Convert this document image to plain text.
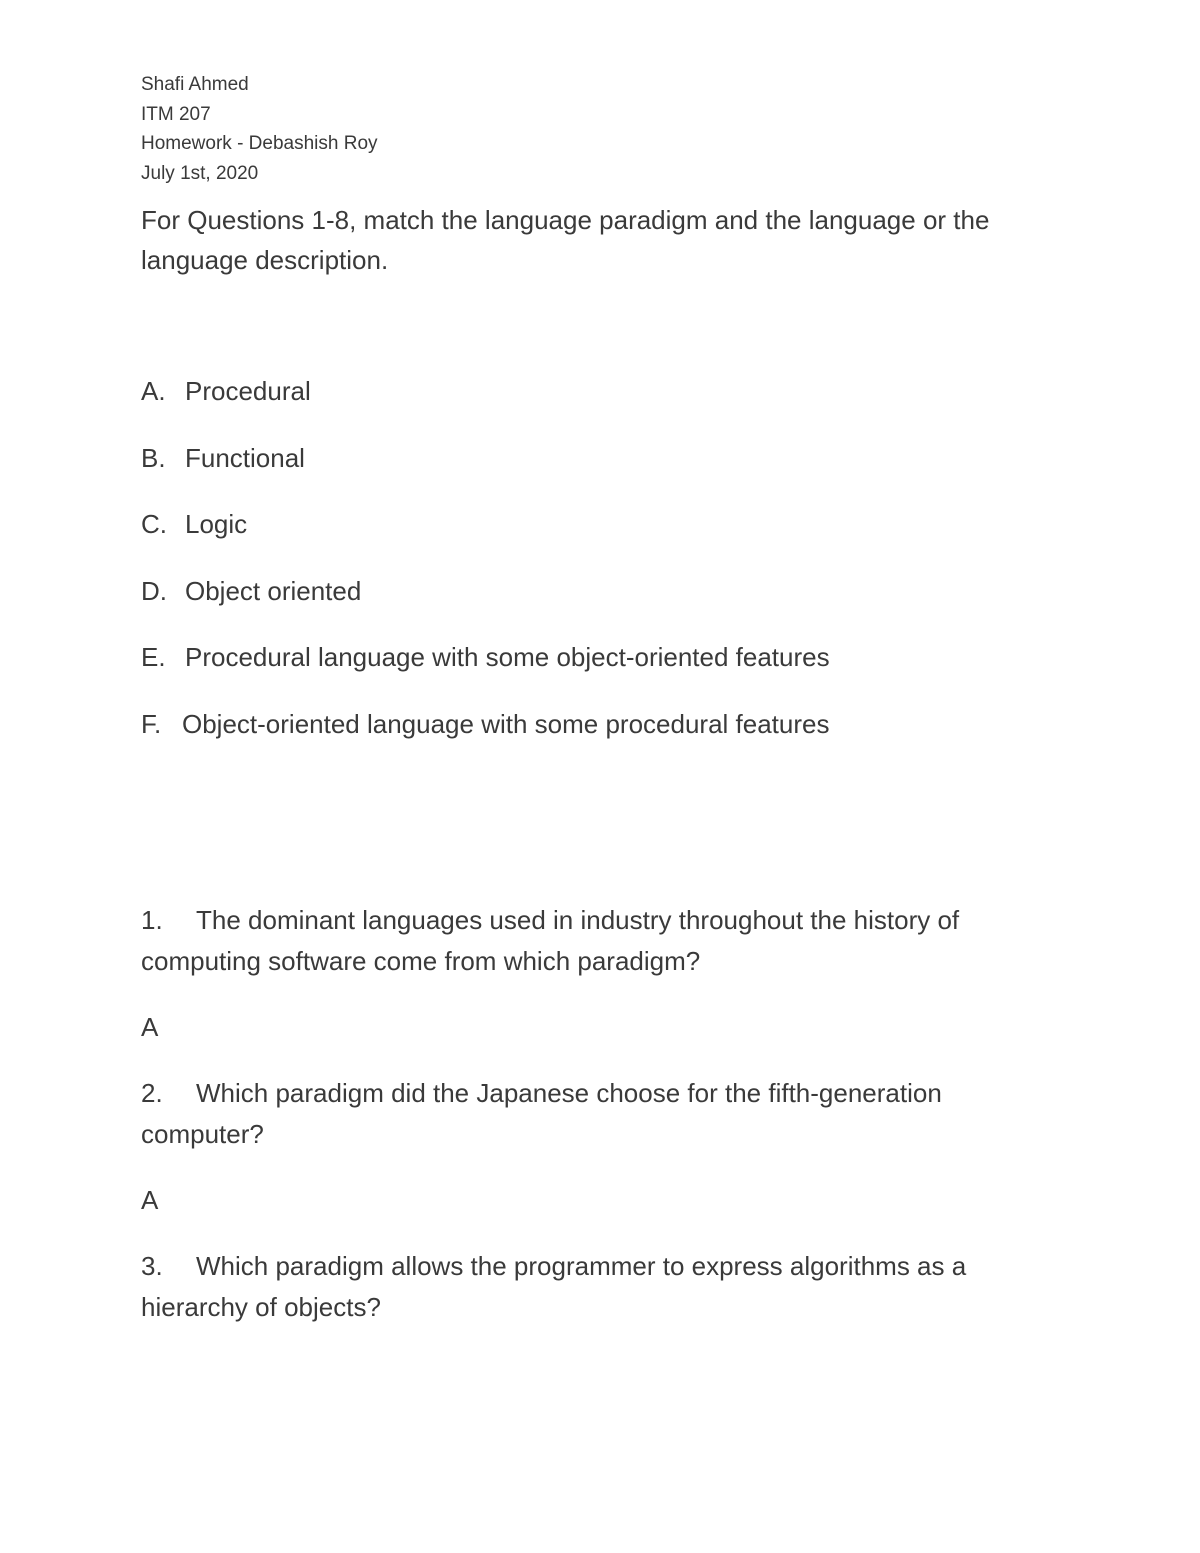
Shafi Ahmed
ITM 207
Homework - Debashish Roy
July 1st, 2020
For Questions 1-8, match the language paradigm and the language or the language description.
A. Procedural
B. Functional
C. Logic
D. Object oriented
E. Procedural language with some object-oriented features
F. Object-oriented language with some procedural features
1. The dominant languages used in industry throughout the history of computing software come from which paradigm?
A
2. Which paradigm did the Japanese choose for the fifth-generation computer?
A
3. Which paradigm allows the programmer to express algorithms as a hierarchy of objects?
